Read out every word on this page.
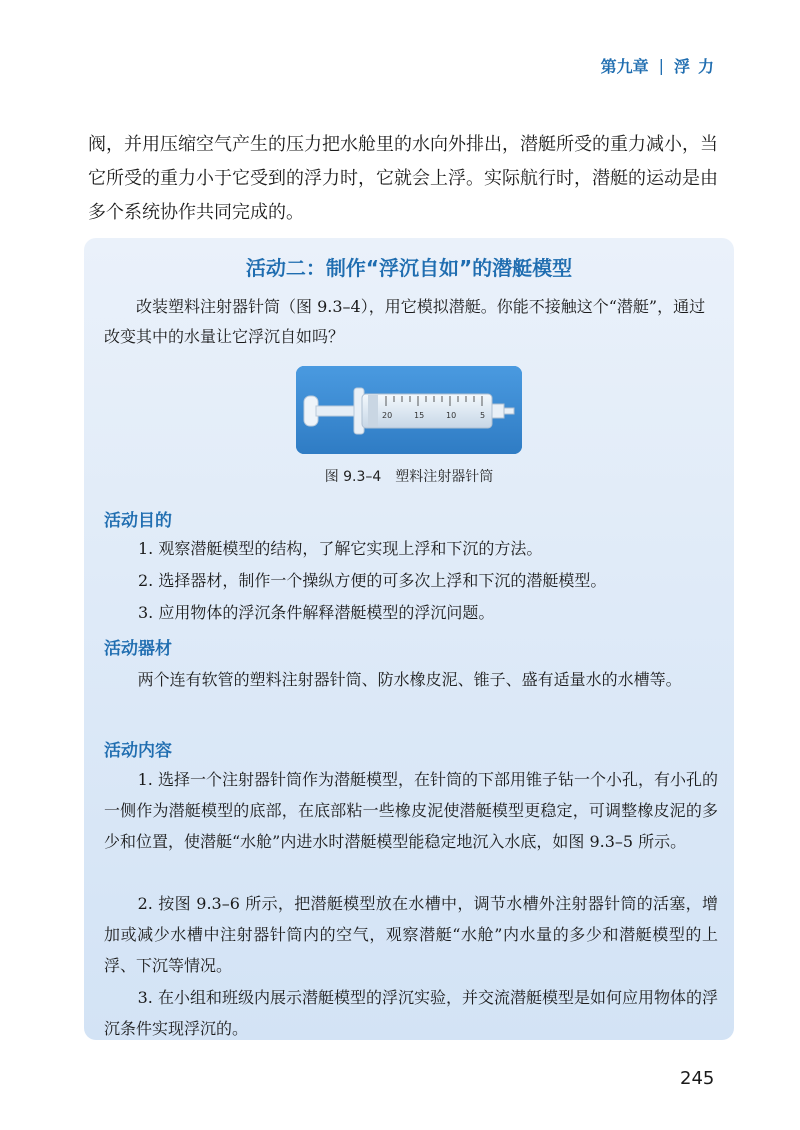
第九章 | 浮力
阀，并用压缩空气产生的压力把水舱里的水向外排出，潜艇所受的重力减小，当它所受的重力小于它受到的浮力时，它就会上浮。实际航行时，潜艇的运动是由多个系统协作共同完成的。
活动二：制作“浮沉自如”的潜艇模型
改装塑料注射器针筒（图 9.3–4），用它模拟潜艇。你能不接触这个“潜艇”，通过改变其中的水量让它浮沉自如吗？
20	15	10	5
图 9.3–4　塑料注射器针筒
活动目的
1. 观察潜艇模型的结构，了解它实现上浮和下沉的方法。
2. 选择器材，制作一个操纵方便的可多次上浮和下沉的潜艇模型。
3. 应用物体的浮沉条件解释潜艇模型的浮沉问题。
活动器材
两个连有软管的塑料注射器针筒、防水橡皮泥、锥子、盛有适量水的水槽等。
活动内容
1. 选择一个注射器针筒作为潜艇模型，在针筒的下部用锥子钻一个小孔，有小孔的一侧作为潜艇模型的底部，在底部粘一些橡皮泥使潜艇模型更稳定，可调整橡皮泥的多少和位置，使潜艇“水舱”内进水时潜艇模型能稳定地沉入水底，如图 9.3–5 所示。
2. 按图 9.3–6 所示，把潜艇模型放在水槽中，调节水槽外注射器针筒的活塞，增加或减少水槽中注射器针筒内的空气，观察潜艇“水舱”内水量的多少和潜艇模型的上浮、下沉等情况。
3. 在小组和班级内展示潜艇模型的浮沉实验，并交流潜艇模型是如何应用物体的浮沉条件实现浮沉的。
245
